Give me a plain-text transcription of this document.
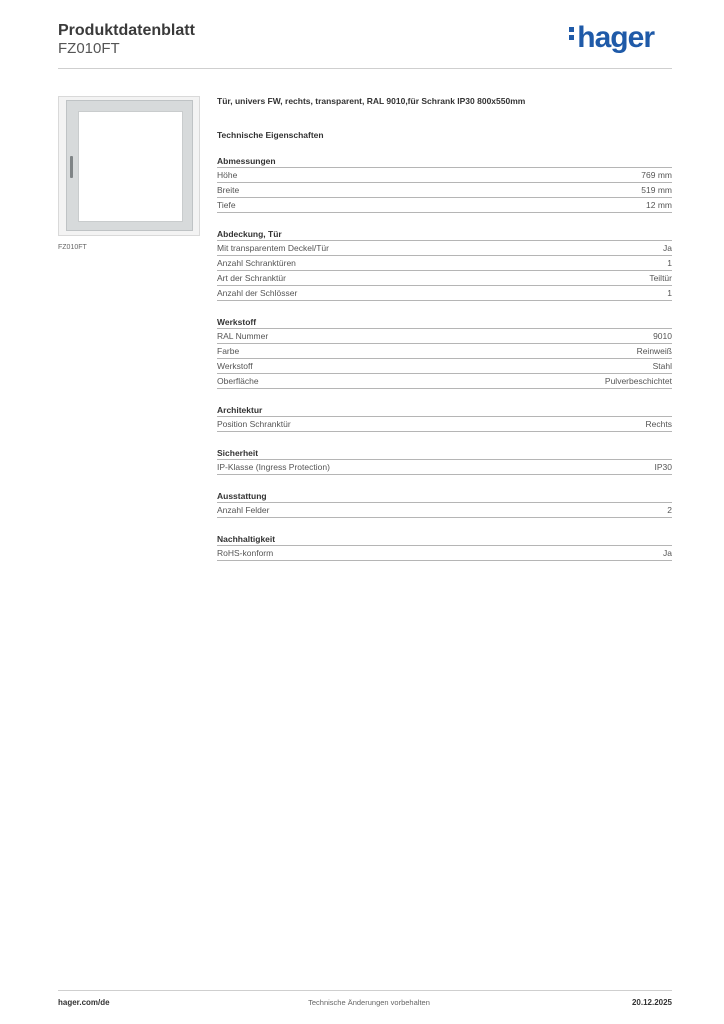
Produktdatenblatt
FZ010FT	hager
FZ010FT
Tür, univers FW, rechts, transparent, RAL 9010,für Schrank IP30 800x550mm
Technische Eigenschaften
Abmessungen
Höhe	769 mm
Breite	519 mm
Tiefe	12 mm
Abdeckung, Tür
Mit transparentem Deckel/Tür	Ja
Anzahl Schranktüren	1
Art der Schranktür	Teiltür
Anzahl der Schlösser	1
Werkstoff
RAL Nummer	9010
Farbe	Reinweiß
Werkstoff	Stahl
Oberfläche	Pulverbeschichtet
Architektur
Position Schranktür	Rechts
Sicherheit
IP-Klasse (Ingress Protection)	IP30
Ausstattung
Anzahl Felder	2
Nachhaltigkeit
RoHS-konform	Ja
hager.com/de	Technische Änderungen vorbehalten	20.12.2025
